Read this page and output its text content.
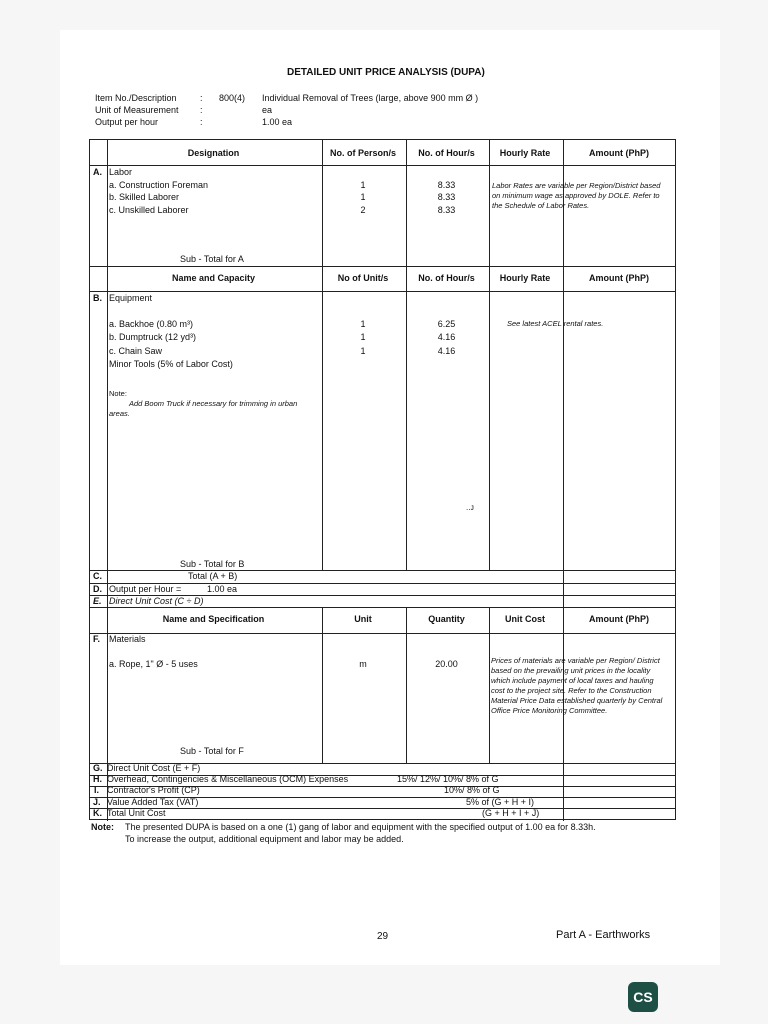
DETAILED UNIT PRICE ANALYSIS (DUPA)
Item No./Description	: 800(4) Individual Removal of Trees (large, above 900 mm Ø )
Unit of Measurement :	ea
Output per hour	:	1.00 ea
Designation	No. of Person/s	No. of Hour/s	Hourly Rate	Amount (PhP)
A. Labor
a. Construction Foreman	1	8.33
b. Skilled Laborer	1	8.33
c. Unskilled Laborer	2	8.33
Labor Rates are variable per Region/District based on minimum wage as approved by DOLE. Refer to the Schedule of Labor Rates.
Sub - Total for A
Name and Capacity	No of Unit/s	No. of Hour/s	Hourly Rate	Amount (PhP)
B. Equipment
a. Backhoe (0.80 m³)	1	6.25
b. Dumptruck (12 yd³)	1	4.16
c. Chain Saw	1	4.16
Minor Tools (5% of Labor Cost)
See latest ACEL rental rates.
Note:
Add Boom Truck if necessary for trimming in urban areas.
..ᴊ
Sub - Total for B
C.	Total (A + B)
D. Output per Hour =	1.00 ea
E. Direct Unit Cost (C ÷ D)
Name and Specification	Unit	Quantity	Unit Cost	Amount (PhP)
F. Materials
a. Rope, 1" Ø - 5 uses	m	20.00	Prices of materials are variable per Region/ District based on the prevailing unit prices in the locality which include payment of local taxes and hauling cost to the project site. Refer to the Construction Material Price Data established quarterly by Central Office Price Monitoring Committee.
Sub - Total for F
G. Direct Unit Cost (E + F)
H. Overhead, Contingencies & Miscellaneous (OCM) Expenses	15%/ 12%/ 10%/ 8% of G
I. Contractor's Profit (CP)	10%/ 8% of G
J. Value Added Tax (VAT)	5% of (G + H + I)
K. Total Unit Cost	(G + H + I + J)
Note: The presented DUPA is based on a one (1) gang of labor and equipment with the specified output of 1.00 ea for 8.33h.
To increase the output, additional equipment and labor may be added.
29	Part A - Earthworks
CS
